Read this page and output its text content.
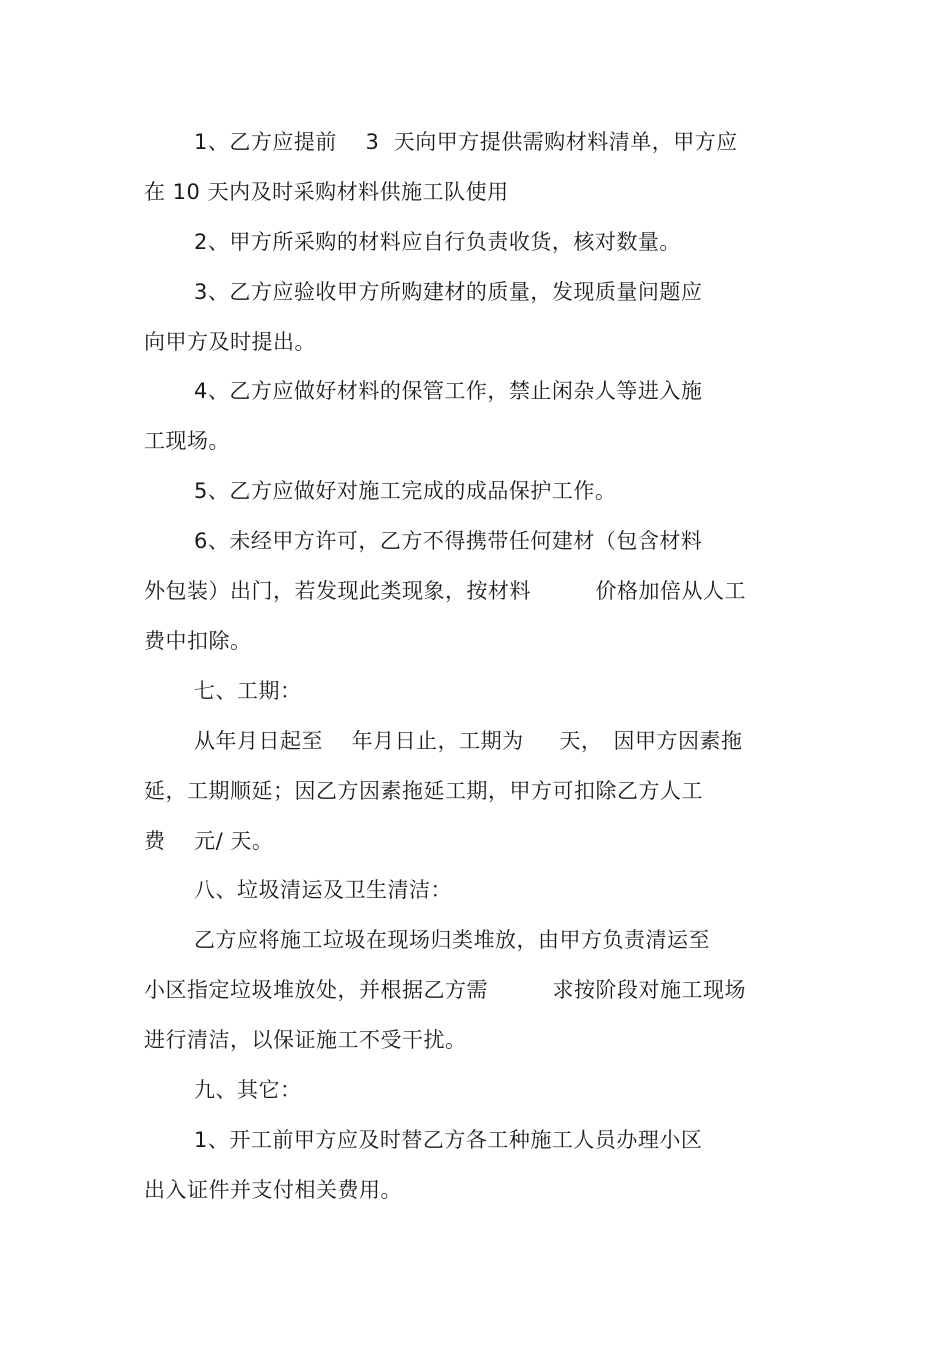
1、乙方应提前　 3  天向甲方提供需购材料清单，甲方应
在 10 天内及时采购材料供施工队使用
2、甲方所采购的材料应自行负责收货，核对数量。
3、乙方应验收甲方所购建材的质量，发现质量问题应
向甲方及时提出。
4、乙方应做好材料的保管工作，禁止闲杂人等进入施
工现场。
5、乙方应做好对施工完成的成品保护工作。
6、未经甲方许可，乙方不得携带任何建材（包含材料
外包装）出门，若发现此类现象，按材料　　　价格加倍从人工
费中扣除。
七、工期：
从年月日起至　 年月日止，工期为　  天，　因甲方因素拖
延，工期顺延；因乙方因素拖延工期，甲方可扣除乙方人工
费　 元/ 天。
八、垃圾清运及卫生清洁：
乙方应将施工垃圾在现场归类堆放，由甲方负责清运至
小区指定垃圾堆放处，并根据乙方需　　　求按阶段对施工现场
进行清洁，以保证施工不受干扰。
九、其它：
1、开工前甲方应及时替乙方各工种施工人员办理小区
出入证件并支付相关费用。
